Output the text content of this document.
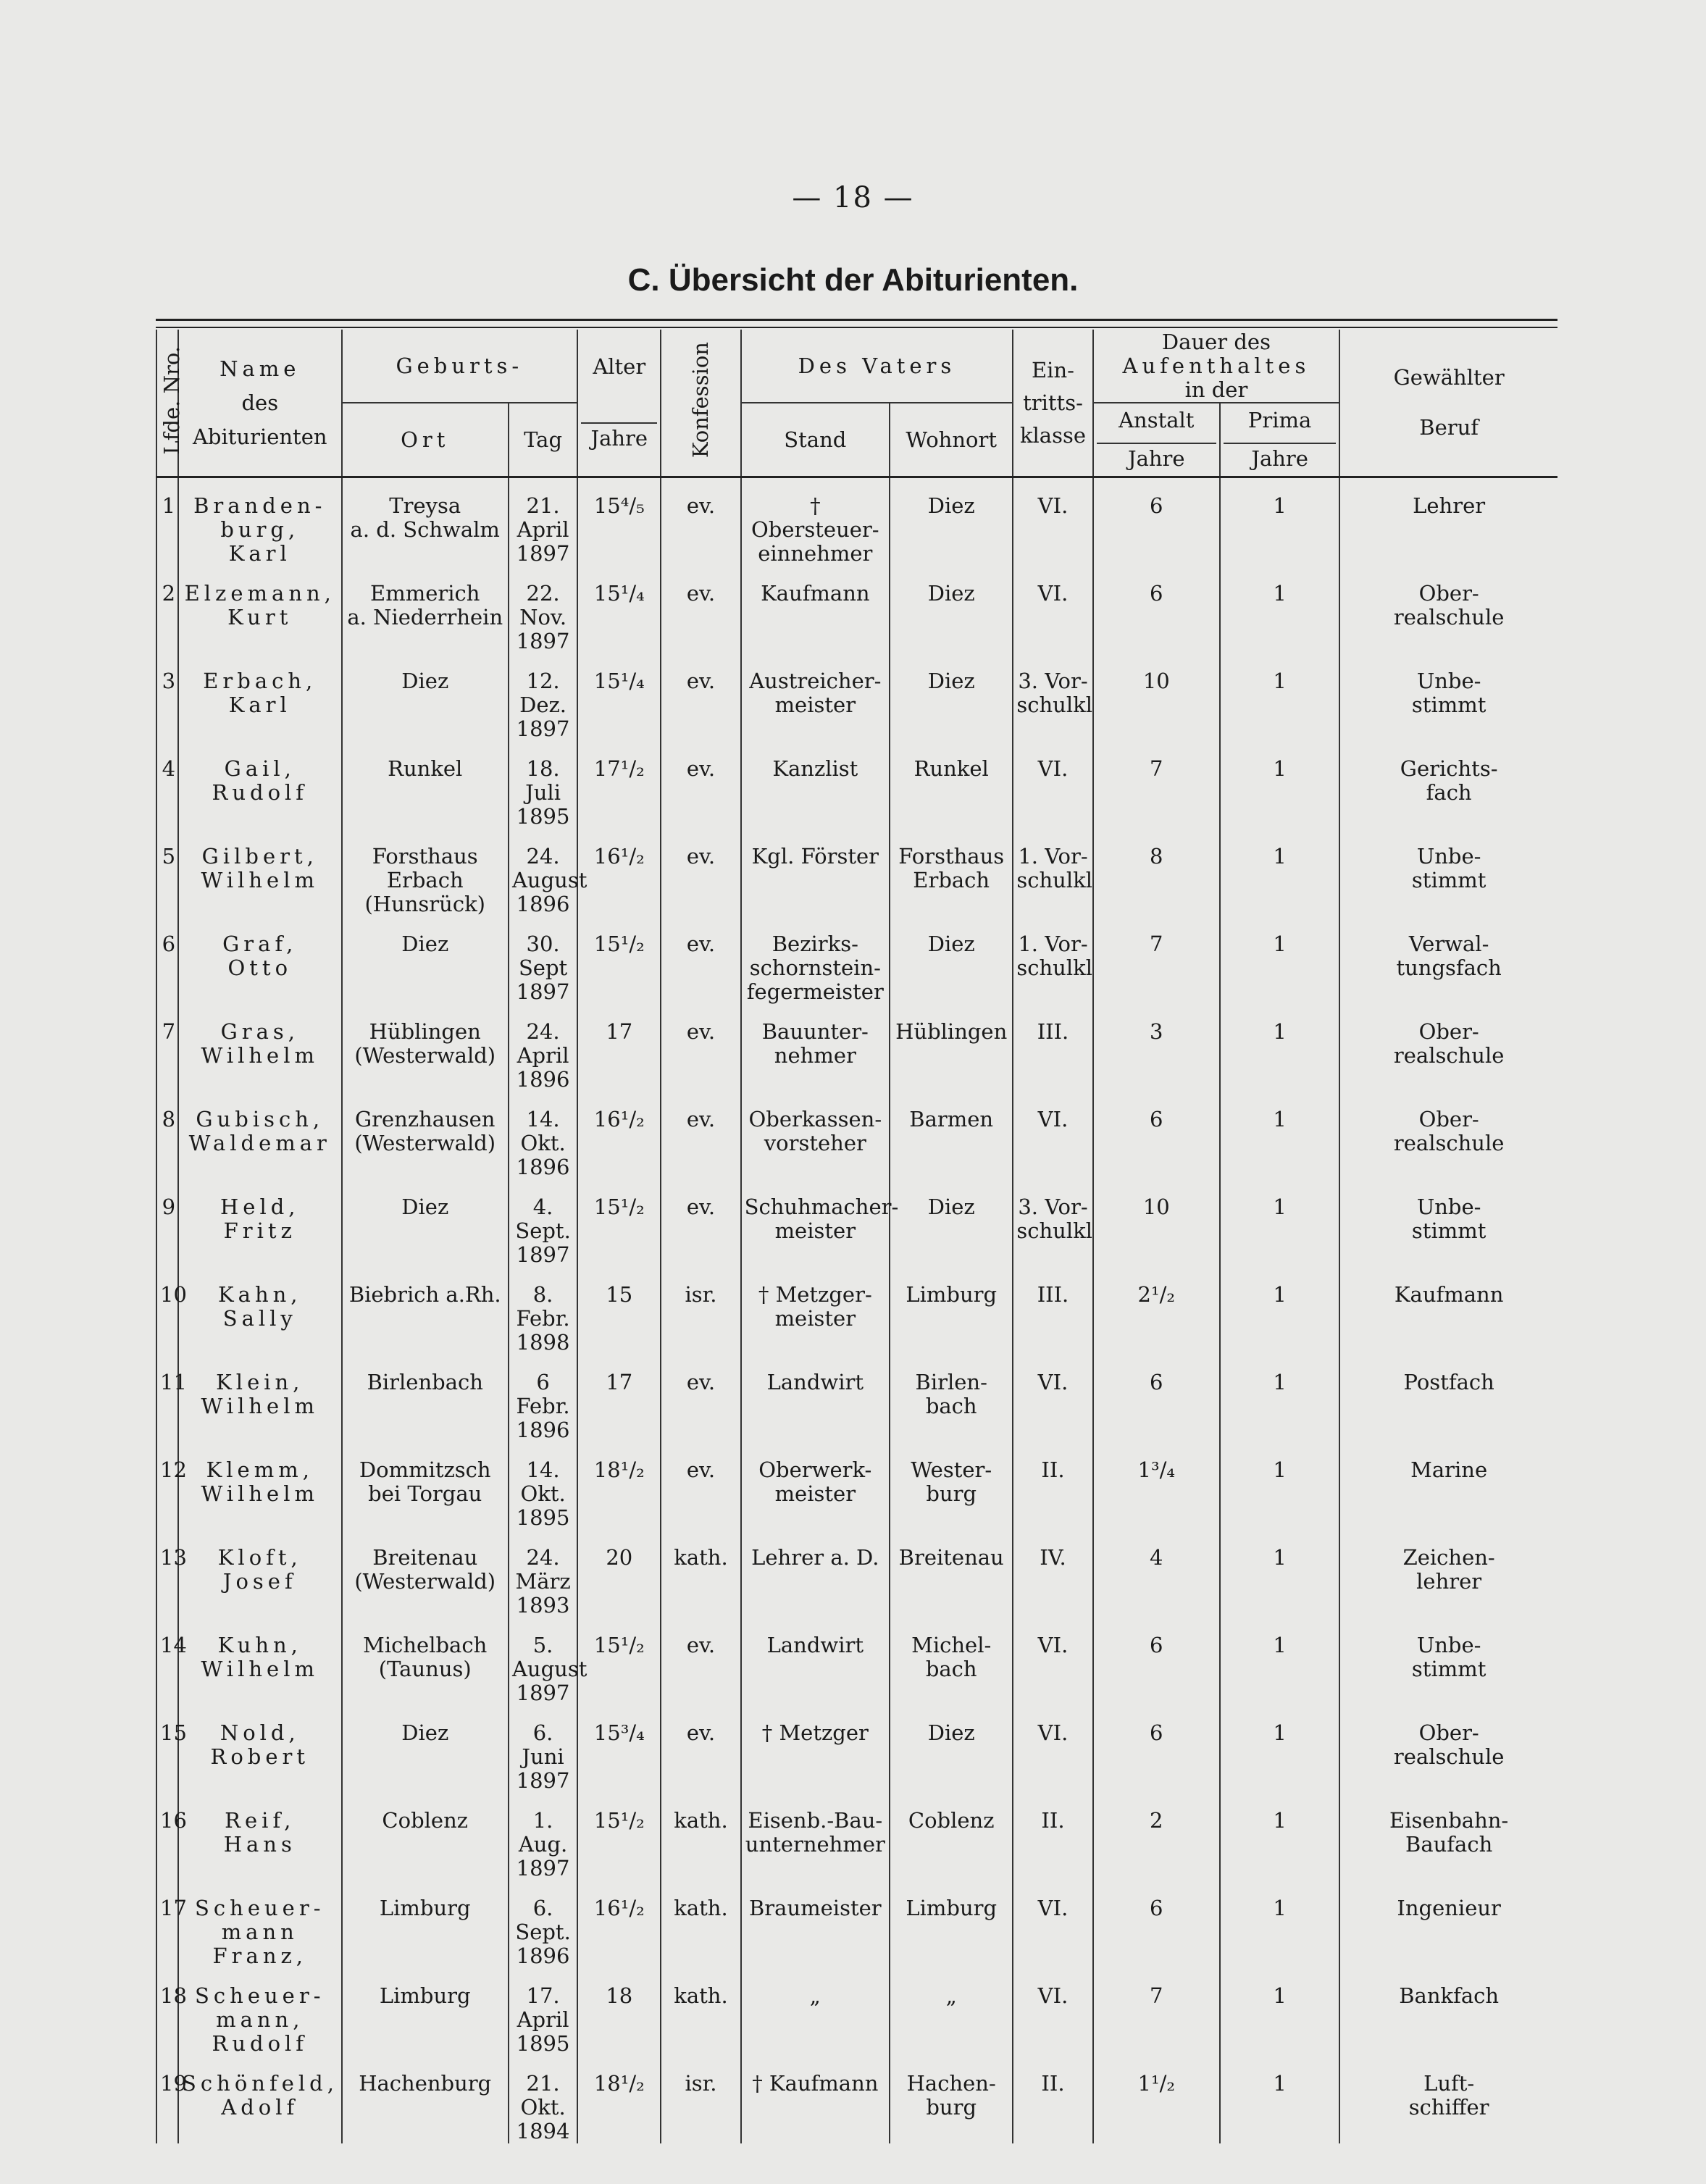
— 18 —
C. Übersicht der Abiturienten.
Lfde. Nro.	Name
des
Abiturienten	Geburts-		Alter
Jahre	Konfession	Des Vaters		Ein-
tritts-
klasse	Dauer des
Aufenthaltes
in der		Gewählter
Beruf

		Ort	Tag			Stand	Wohnort		Anstalt
Jahre	Prima
Jahre	

1	Branden-
burg,
Karl	Treysa
a. d. Schwalm	21. April
1897	15⁴/₅	ev.	† Obersteuer-
einnehmer	Diez	VI.	6	1	Lehrer

2	Elzemann,
Kurt	Emmerich
a. Niederrhein	22. Nov.
1897	15¹/₄	ev.	Kaufmann	Diez	VI.	6	1	Ober-
realschule

3	Erbach,
Karl	Diez	12. Dez.
1897	15¹/₄	ev.	Austreicher-
meister	Diez	3. Vor-
schulkl	10	1	Unbe-
stimmt

4	Gail,
Rudolf	Runkel	18. Juli
1895	17¹/₂	ev.	Kanzlist	Runkel	VI.	7	1	Gerichts-
fach

5	Gilbert,
Wilhelm	Forsthaus
Erbach
(Hunsrück)	24. August
1896	16¹/₂	ev.	Kgl. Förster	Forsthaus
Erbach	1. Vor-
schulkl	8	1	Unbe-
stimmt

6	Graf,
Otto	Diez	30. Sept
1897	15¹/₂	ev.	Bezirks-
schornstein-
fegermeister	Diez	1. Vor-
schulkl	7	1	Verwal-
tungsfach

7	Gras,
Wilhelm	Hüblingen
(Westerwald)	24. April
1896	17	ev.	Bauunter-
nehmer	Hüblingen	III.	3	1	Ober-
realschule

8	Gubisch,
Waldemar	Grenzhausen
(Westerwald)	14. Okt.
1896	16¹/₂	ev.	Oberkassen-
vorsteher	Barmen	VI.	6	1	Ober-
realschule

9	Held,
Fritz	Diez	4. Sept.
1897	15¹/₂	ev.	Schuhmacher-
meister	Diez	3. Vor-
schulkl	10	1	Unbe-
stimmt

10	Kahn,
Sally	Biebrich a.Rh.	8. Febr.
1898	15	isr.	† Metzger-
meister	Limburg	III.	2¹/₂	1	Kaufmann

11	Klein,
Wilhelm	Birlenbach	6 Febr.
1896	17	ev.	Landwirt	Birlen-
bach	VI.	6	1	Postfach

12	Klemm,
Wilhelm	Dommitzsch
bei Torgau	14. Okt.
1895	18¹/₂	ev.	Oberwerk-
meister	Wester-
burg	II.	1³/₄	1	Marine

13	Kloft,
Josef	Breitenau
(Westerwald)	24. März
1893	20	kath.	Lehrer a. D.	Breitenau	IV.	4	1	Zeichen-
lehrer

14	Kuhn,
Wilhelm	Michelbach
(Taunus)	5. August
1897	15¹/₂	ev.	Landwirt	Michel-
bach	VI.	6	1	Unbe-
stimmt

15	Nold,
Robert	Diez	6. Juni
1897	15³/₄	ev.	† Metzger	Diez	VI.	6	1	Ober-
realschule

16	Reif,
Hans	Coblenz	1. Aug.
1897	15¹/₂	kath.	Eisenb.-Bau-
unternehmer	Coblenz	II.	2	1	Eisenbahn-
Baufach

17	Scheuer-
mann
Franz,	Limburg	6. Sept.
1896	16¹/₂	kath.	Braumeister	Limburg	VI.	6	1	Ingenieur

18	Scheuer-
mann,
Rudolf	Limburg	17. April
1895	18	kath.	„	„	VI.	7	1	Bankfach

19	Schönfeld,
Adolf	Hachenburg	21. Okt.
1894	18¹/₂	isr.	† Kaufmann	Hachen-
burg	II.	1¹/₂	1	Luft-
schiffer
